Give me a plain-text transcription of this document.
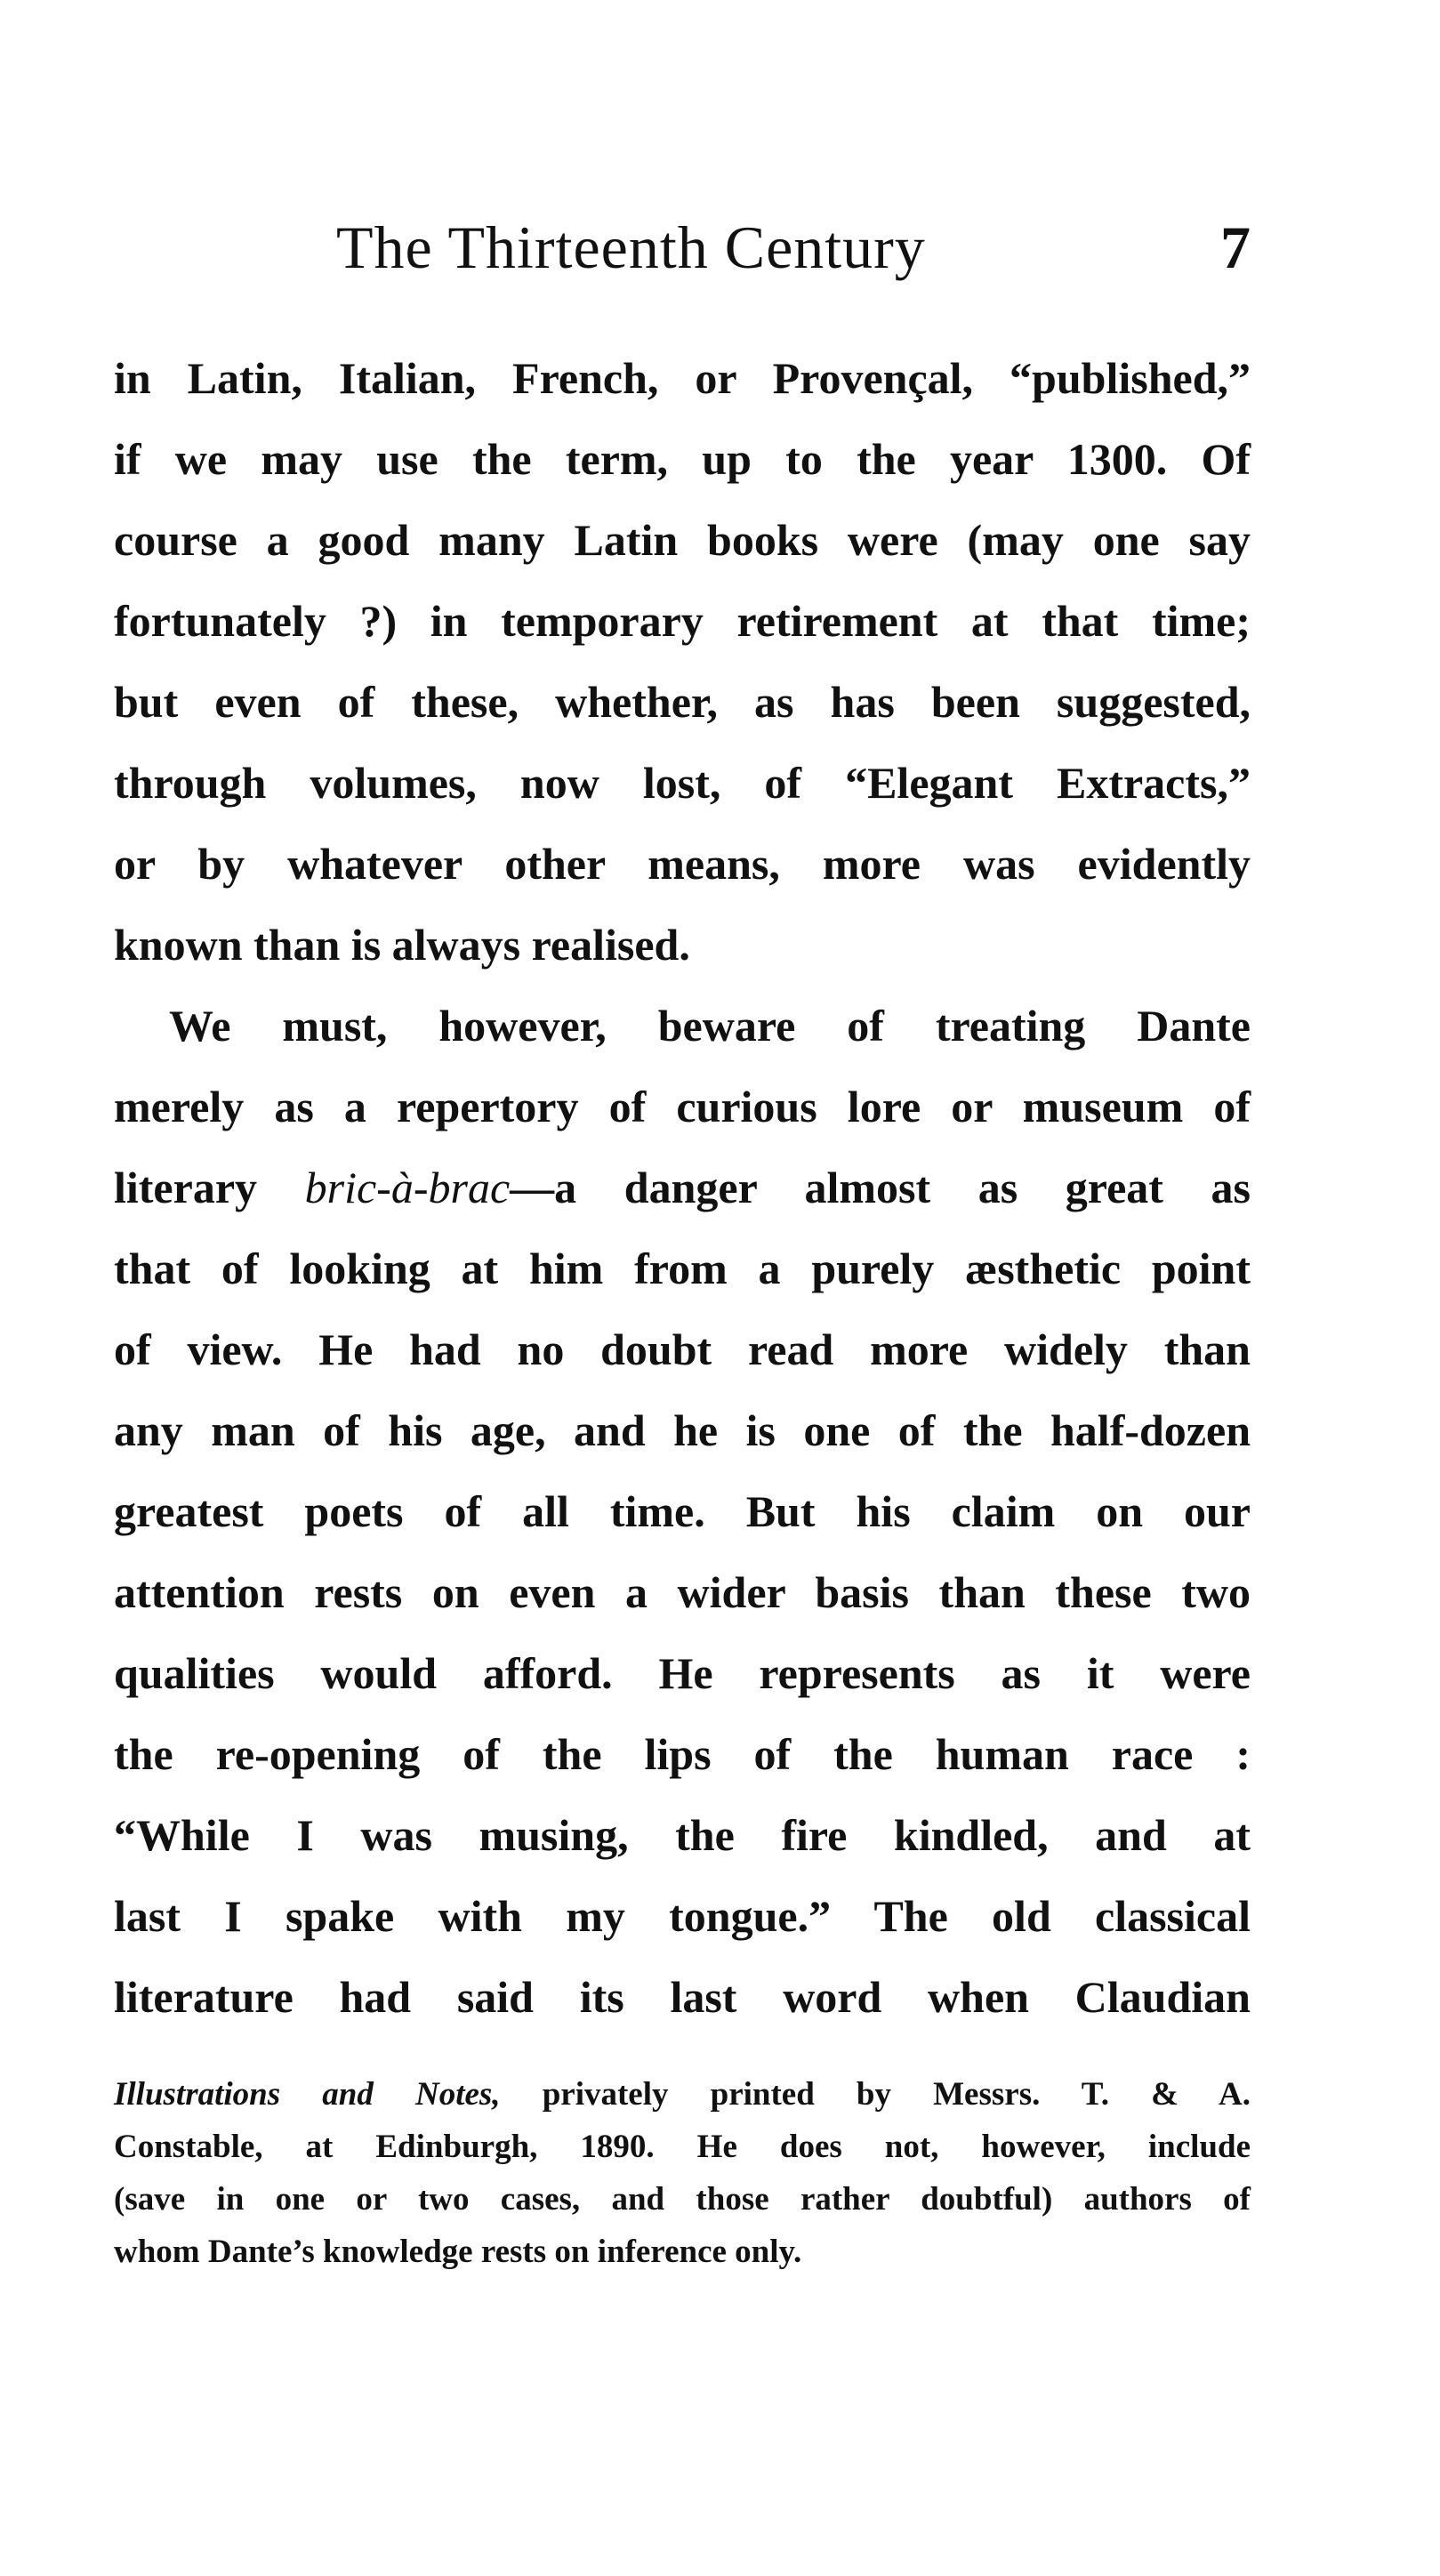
The Thirteenth Century	7
in Latin, Italian, French, or Provençal, “published,”
if we may use the term, up to the year 1300. Of
course a good many Latin books were (may one say
fortunately ?) in temporary retirement at that time;
but even of these, whether, as has been suggested,
through volumes, now lost, of “Elegant Extracts,”
or by whatever other means, more was evidently
known than is always realised.
We must, however, beware of treating Dante
merely as a repertory of curious lore or museum of
literary bric-à-brac—a danger almost as great as
that of looking at him from a purely æsthetic point
of view. He had no doubt read more widely than
any man of his age, and he is one of the half-dozen
greatest poets of all time. But his claim on our
attention rests on even a wider basis than these two
qualities would afford. He represents as it were
the re-opening of the lips of the human race :
“While I was musing, the fire kindled, and at
last I spake with my tongue.” The old classical
literature had said its last word when Claudian
Illustrations and Notes, privately printed by Messrs. T. & A.
Constable, at Edinburgh, 1890. He does not, however, include
(save in one or two cases, and those rather doubtful) authors of
whom Dante’s knowledge rests on inference only.
